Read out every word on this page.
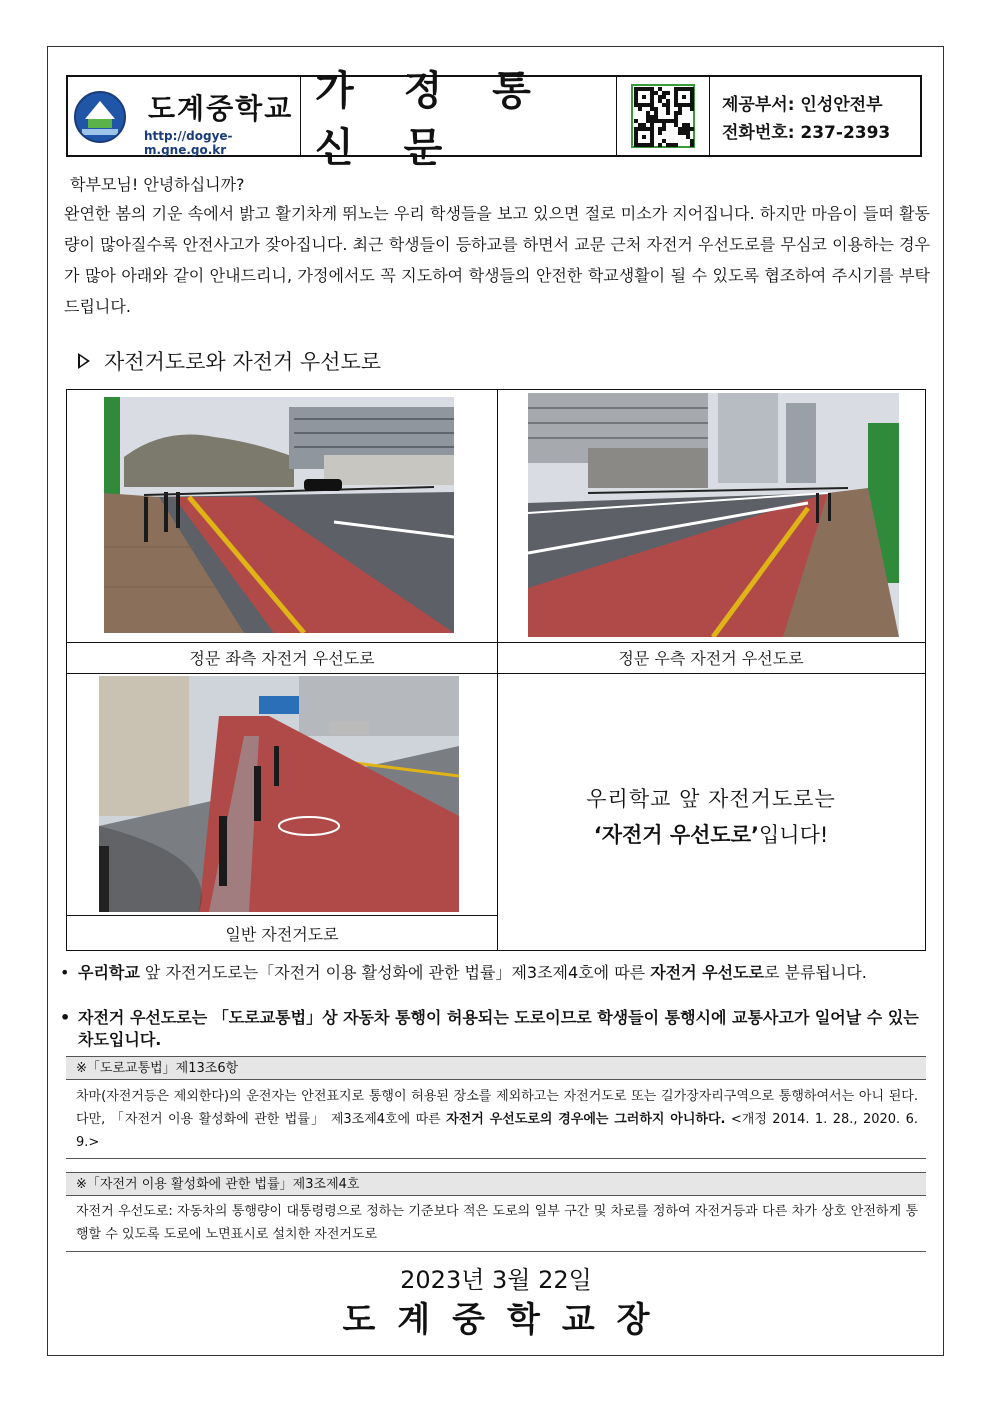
도계중학교
http://dogye-m.gne.go.kr
가 정 통 신 문
제공부서: 인성안전부
전화번호: 237-2393
학부모님! 안녕하십니까?
완연한 봄의 기운 속에서 밝고 활기차게 뛰노는 우리 학생들을 보고 있으면 절로 미소가 지어집니다. 하지만 마음이 들떠 활동량이 많아질수록 안전사고가 잦아집니다. 최근 학생들이 등하교를 하면서 교문 근처 자전거 우선도로를 무심코 이용하는 경우가 많아 아래와 같이 안내드리니, 가정에서도 꼭 지도하여 학생들의 안전한 학교생활이 될 수 있도록 협조하여 주시기를 부탁드립니다.
자전거도로와 자전거 우선도로
정문 좌측 자전거 우선도로	정문 우측 자전거 우선도로
일반 자전거도로
우리학교 앞 자전거도로는
‘자전거 우선도로’입니다!
• 우리학교 앞 자전거도로는「자전거 이용 활성화에 관한 법률」제3조제4호에 따른 자전거 우선도로로 분류됩니다.
• 자전거 우선도로는 「도로교통법」상 자동차 통행이 허용되는 도로이므로 학생들이 통행시에 교통사고가 일어날 수 있는 차도입니다.
※「도로교통법」제13조6항
차마(자전거등은 제외한다)의 운전자는 안전표지로 통행이 허용된 장소를 제외하고는 자전거도로 또는 길가장자리구역으로 통행하여서는 아니 된다. 다만, 「자전거 이용 활성화에 관한 법률」 제3조제4호에 따른 자전거 우선도로의 경우에는 그러하지 아니하다. <개정 2014. 1. 28., 2020. 6. 9.>
※「자전거 이용 활성화에 관한 법률」제3조제4호
자전거 우선도로: 자동차의 통행량이 대통령령으로 정하는 기준보다 적은 도로의 일부 구간 및 차로를 정하여 자전거등과 다른 차가 상호 안전하게 통행할 수 있도록 도로에 노면표시로 설치한 자전거도로
2023년 3월 22일
도계중학교장
